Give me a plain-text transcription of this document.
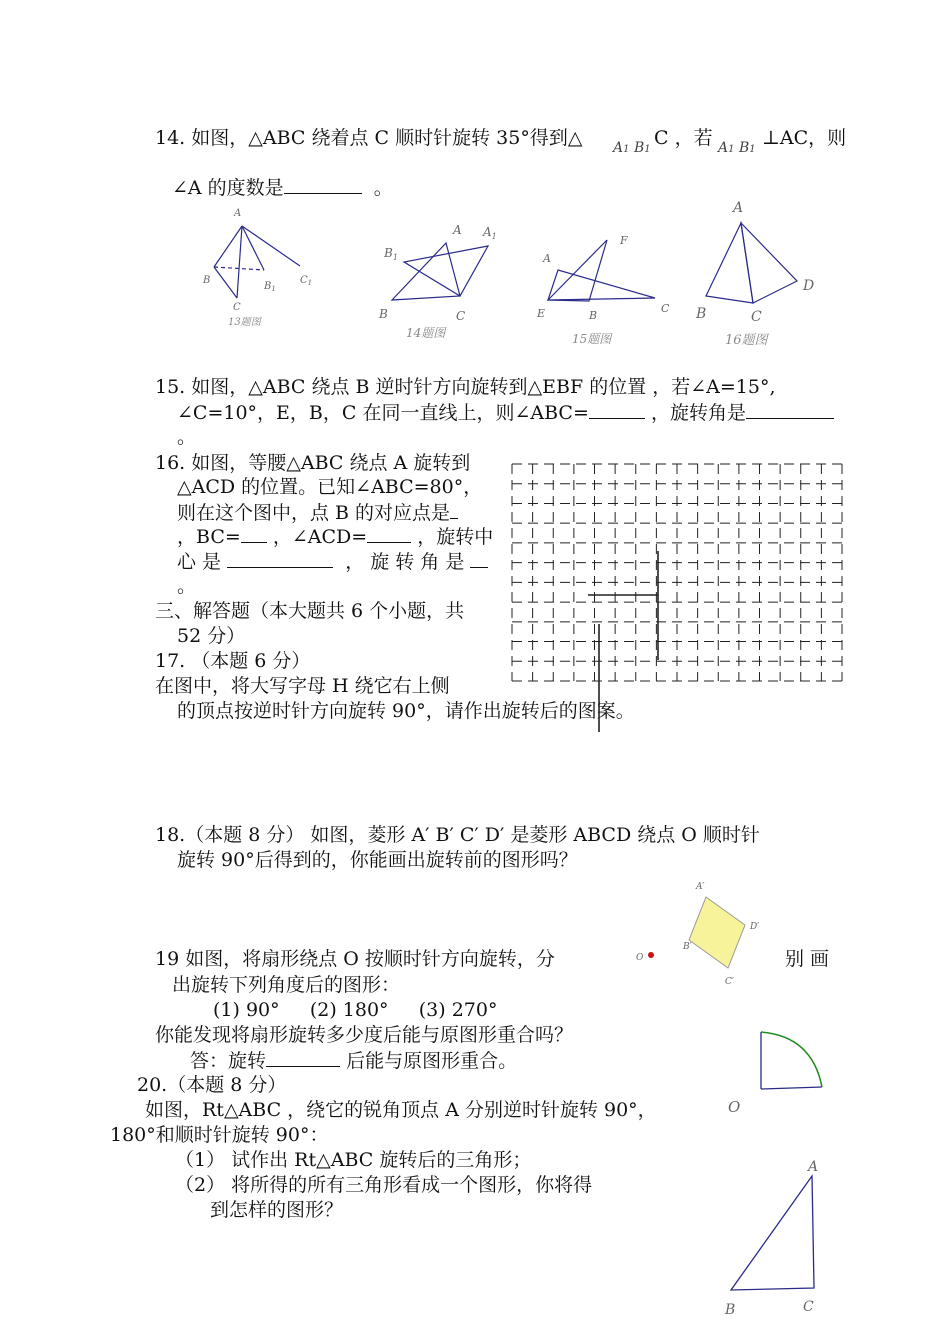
14. 如图，△ABC 绕着点 C 顺时针旋转 35°得到△ A1 B1
C ，若 A1 B1
⊥AC，则
∠A 的度数是	。
15. 如图，△ABC 绕点 B 逆时针方向旋转到△EBF 的位置 ，若∠A=15°,
∠C=10°，E，B，C 在同一直线上，则∠ABC=	，旋转角是
。
16. 如图，等腰△ABC 绕点 A 旋转到
△ACD 的位置。已知∠ABC=80°，
则在这个图中，点 B 的对应点是
，BC= ，∠ACD=	，旋转中
心 是	， 旋 转 角 是
。
三、解答题（本大题共 6 个小题，共
52 分）
17. （本题 6 分）
在图中，将大写字母 H 绕它右上侧
的顶点按逆时针方向旋转 90°，请作出旋转后的图案。
18.（本题 8 分） 如图，菱形 A′ B′ C′ D′ 是菱形 ABCD 绕点 O 顺时针
旋转 90°后得到的，你能画出旋转前的图形吗？
19 如图，将扇形绕点 O 按顺时针方向旋转，分	别 画
出旋转下列角度后的图形：
(1) 90°     (2) 180°     (3) 270°
你能发现将扇形旋转多少度后能与原图形重合吗？
答：旋转	后能与原图形重合。
20.（本题 8 分）
如图，Rt△ABC ，绕它的锐角顶点 A 分别逆时针旋转 90°，
180°和顺时针旋转 90°：
（1） 试作出 Rt△ABC 旋转后的三角形；
（2） 将所得的所有三角形看成一个图形，你将得
到怎样的图形？
A
B
C
$B_1$
$C_1$
13题图
A $A_1$
$B_1$
B	C
14题图
A
F
E	B
C
15题图
A
B	C
D
16题图
A′
D′
B′
C′
O
O
A
B	C
